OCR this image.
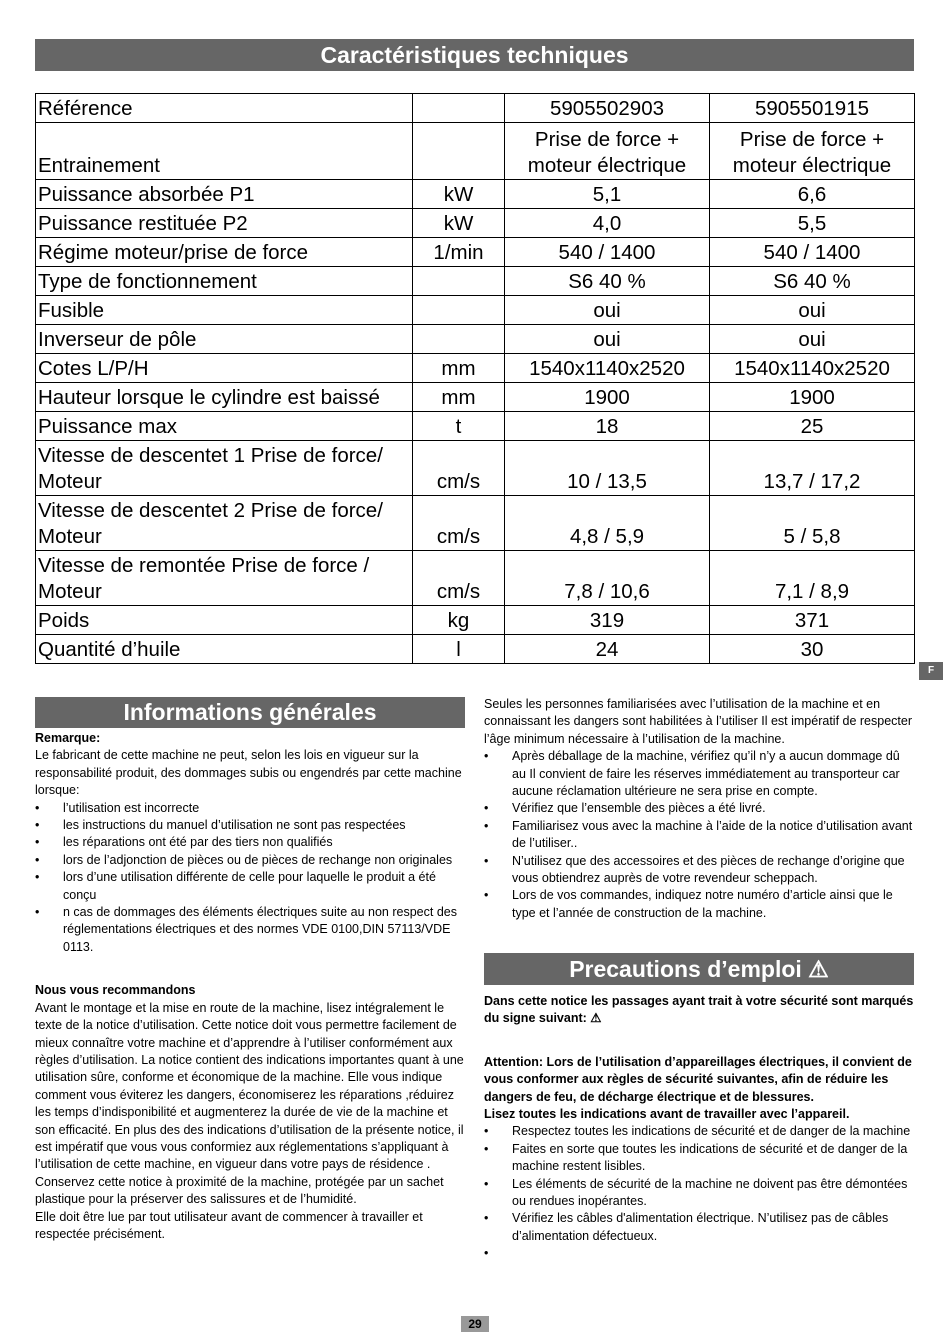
Caractéristiques techniques
Référence		5905502903	5905501915
Entrainement		Prise de force + moteur électrique	Prise de force + moteur électrique
Puissance absorbée P1	kW	5,1	6,6
Puissance restituée P2	kW	4,0	5,5
Régime moteur/prise de force	1/min	540 / 1400	540 / 1400
Type de fonctionnement		S6 40 %	S6 40 %
Fusible		oui	oui
Inverseur de pôle		oui	oui
Cotes L/P/H	mm	1540x1140x2520	1540x1140x2520
Hauteur lorsque le cylindre est baissé	mm	1900	1900
Puissance max	t	18	25
Vitesse de descentet 1 Prise de force/ Moteur	cm/s	10 / 13,5	13,7 / 17,2
Vitesse de descentet 2 Prise de force/ Moteur	cm/s	4,8 / 5,9	5 / 5,8
Vitesse de remontée Prise de force / Moteur	cm/s	7,8 / 10,6	7,1 / 8,9
Poids	kg	319	371
Quantité d’huile	l	24	30
F
Informations générales

Remarque:

Le fabricant de cette machine ne peut, selon les lois en vigueur sur la responsabilité produit, des dommages subis ou engendrés par cette machine lorsque:

• l’utilisation est incorrecte
• les instructions du manuel d’utilisation ne sont pas respectées
• les réparations ont été par des tiers non qualifiés
• lors de l’adjonction de pièces ou de pièces de rechange non originales
• lors d’une utilisation différente de celle pour laquelle le produit a été conçu
• n cas de dommages des éléments électriques suite au non respect des réglementations électriques et des normes VDE 0100,DIN 57113/VDE 0113.

Nous vous recommandons

Avant le montage et la mise en route de la machine, lisez intégralement le texte de la notice d’utilisation. Cette notice doit vous permettre facilement de mieux connaître votre machine et d’apprendre à l’utiliser conformément aux règles d’utilisation. La notice contient des indications importantes quant à une utilisation sûre, conforme et économique de la machine. Elle vous indique comment vous éviterez les dangers, économiserez les réparations ,réduirez les temps d’indisponibilité et augmenterez la durée de vie de la machine et son efficacité. En plus des des indications d’utilisation de la présente notice, il est impératif que vous vous conformiez aux réglementations s’appliquant à l’utilisation de cette machine, en vigueur dans votre pays de résidence . Conservez cette notice à proximité de la machine, protégée par un sachet plastique pour la préserver des salissures et de l’humidité.

Elle doit être lue par tout utilisateur avant de commencer à travailler et respectée précisément.

Seules les personnes familiarisées avec l’utilisation de la machine et en connaissant les dangers sont habilitées à l’utiliser Il est impératif de respecter l’âge minimum nécessaire à l’utilisation de la machine.

• Après déballage de la machine, vérifiez qu’il n’y a aucun dommage dû au Il convient de faire les réserves immédiatement au transporteur car aucune réclamation ultérieure ne sera prise en compte.
• Vérifiez que l’ensemble des pièces a été livré.
• Familiarisez vous avec la machine à l’aide de la notice d’utilisation avant de l’utiliser..
• N’utilisez que des accessoires et des pièces de rechange d’origine que vous obtiendrez auprès de votre revendeur scheppach.
• Lors de vos commandes, indiquez notre numéro d’article ainsi que le type et l’année de construction de la machine.
Precautions d’emploi ⚠

Dans cette notice les passages ayant trait à votre sécurité sont marqués du signe suivant: ⚠

Attention: Lors de l’utilisation d’appareillages électriques, il convient de vous conformer aux règles de sécurité suivantes, afin de réduire les dangers de feu, de décharge électrique et de blessures.

Lisez toutes les indications avant de travailler avec l’appareil.

• Respectez toutes les indications de sécurité et de danger de la machine
• Faites en sorte que toutes les indications de sécurité et de danger de la machine restent lisibles.
• Les éléments de sécurité de la machine ne doivent pas être démontées ou rendues inopérantes.
• Vérifiez les câbles d'alimentation électrique. N’utilisez pas de câbles d’alimentation défectueux.
•
29
